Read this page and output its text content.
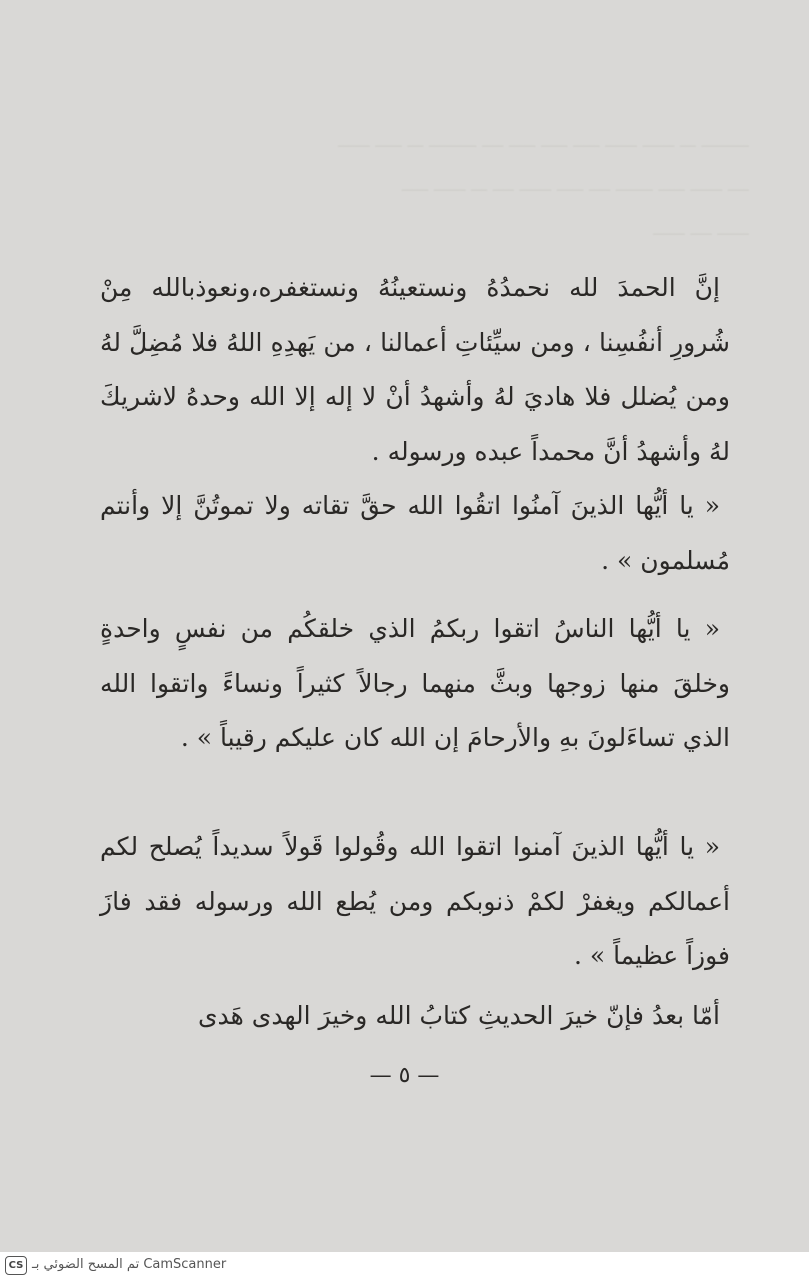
ـــــــــ ـــ ــــــ ــــــ ـــــ ـــــ ـــــ ــــ ـــــــــ ـــ ـــــ ــــــ
ــــ ــــــ ـــــ ـــــــ ــــ ـــــ ــــــ ــــ ـــ ــــــ ـــــ
ــــــ ــــ ــــــ

إنَّ الحمدَ لله نحمدُهُ ونستعينُهُ ونستغفره،ونعوذبالله مِنْ شُرورِ أنفُسِنا ، ومن سيِّئاتِ أعمالنا ، من يَهدِهِ اللهُ فلا مُضِلَّ لهُ ومن يُضلل فلا هاديَ لهُ وأشهدُ أنْ لا إله إلا الله وحدهُ لاشريكَ لهُ وأشهدُ أنَّ محمداً عبده ورسوله .

« يا أيُّها الذينَ آمنُوا اتقُوا الله حقَّ تقاته ولا تموتُنَّ إلا وأنتم مُسلمون » .

« يا أيُّها الناسُ اتقوا ربكمُ الذي خلقكُم من نفسٍ واحدةٍ وخلقَ منها زوجها وبثَّ منهما رجالاً كثيراً ونساءً واتقوا الله الذي تساءَلونَ بهِ والأرحامَ إن الله كان عليكم رقيباً » .

« يا أيُّها الذينَ آمنوا اتقوا الله وقُولوا قَولاً سديداً يُصلح لكم أعمالكم ويغفرْ لكمْ ذنوبكم ومن يُطع الله ورسوله فقد فازَ فوزاً عظيماً » .

أمّا بعدُ فإنّ خيرَ الحديثِ كتابُ الله وخيرَ الهدى هَدى

— ٥ —
CS تم المسح الضوئي بـ CamScanner
